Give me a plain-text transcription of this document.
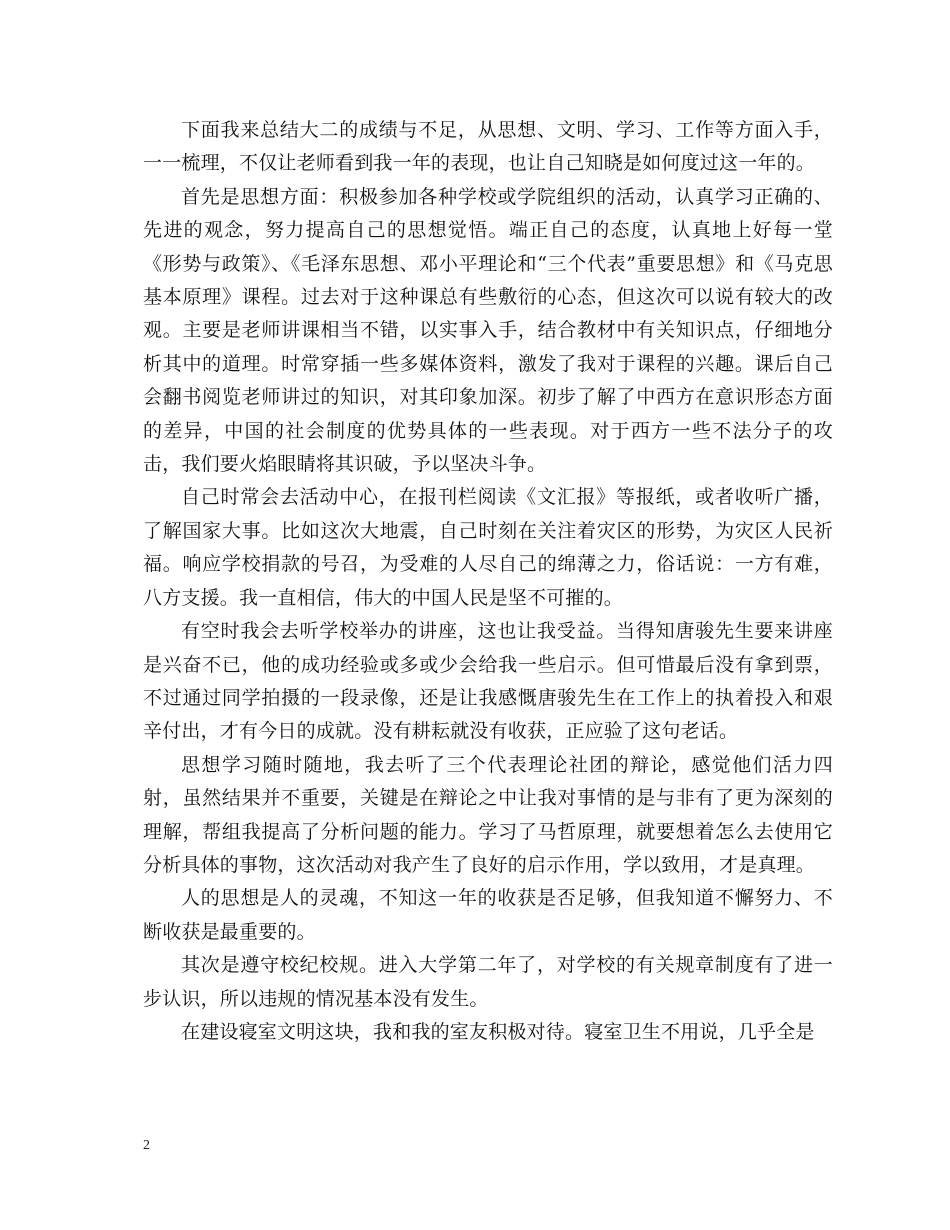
下面我来总结大二的成绩与不足，从思想、文明、学习、工作等方面入手，一一梳理，不仅让老师看到我一年的表现，也让自己知晓是如何度过这一年的。

首先是思想方面：积极参加各种学校或学院组织的活动，认真学习正确的、先进的观念，努力提高自己的思想觉悟。端正自己的态度，认真地上好每一堂《形势与政策》、《毛泽东思想、邓小平理论和“三个代表”重要思想》和《马克思基本原理》课程。过去对于这种课总有些敷衍的心态，但这次可以说有较大的改观。主要是老师讲课相当不错，以实事入手，结合教材中有关知识点，仔细地分析其中的道理。时常穿插一些多媒体资料，激发了我对于课程的兴趣。课后自己会翻书阅览老师讲过的知识，对其印象加深。初步了解了中西方在意识形态方面的差异，中国的社会制度的优势具体的一些表现。对于西方一些不法分子的攻击，我们要火焰眼睛将其识破，予以坚决斗争。

自己时常会去活动中心，在报刊栏阅读《文汇报》等报纸，或者收听广播，了解国家大事。比如这次大地震，自己时刻在关注着灾区的形势，为灾区人民祈福。响应学校捐款的号召，为受难的人尽自己的绵薄之力，俗话说：一方有难，八方支援。我一直相信，伟大的中国人民是坚不可摧的。

有空时我会去听学校举办的讲座，这也让我受益。当得知唐骏先生要来讲座是兴奋不已，他的成功经验或多或少会给我一些启示。但可惜最后没有拿到票，不过通过同学拍摄的一段录像，还是让我感慨唐骏先生在工作上的执着投入和艰辛付出，才有今日的成就。没有耕耘就没有收获，正应验了这句老话。

思想学习随时随地，我去听了三个代表理论社团的辩论，感觉他们活力四射，虽然结果并不重要，关键是在辩论之中让我对事情的是与非有了更为深刻的理解，帮组我提高了分析问题的能力。学习了马哲原理，就要想着怎么去使用它分析具体的事物，这次活动对我产生了良好的启示作用，学以致用，才是真理。

人的思想是人的灵魂，不知这一年的收获是否足够，但我知道不懈努力、不断收获是最重要的。

其次是遵守校纪校规。进入大学第二年了，对学校的有关规章制度有了进一步认识，所以违规的情况基本没有发生。

在建设寝室文明这块，我和我的室友积极对待。寝室卫生不用说，几乎全是

2
